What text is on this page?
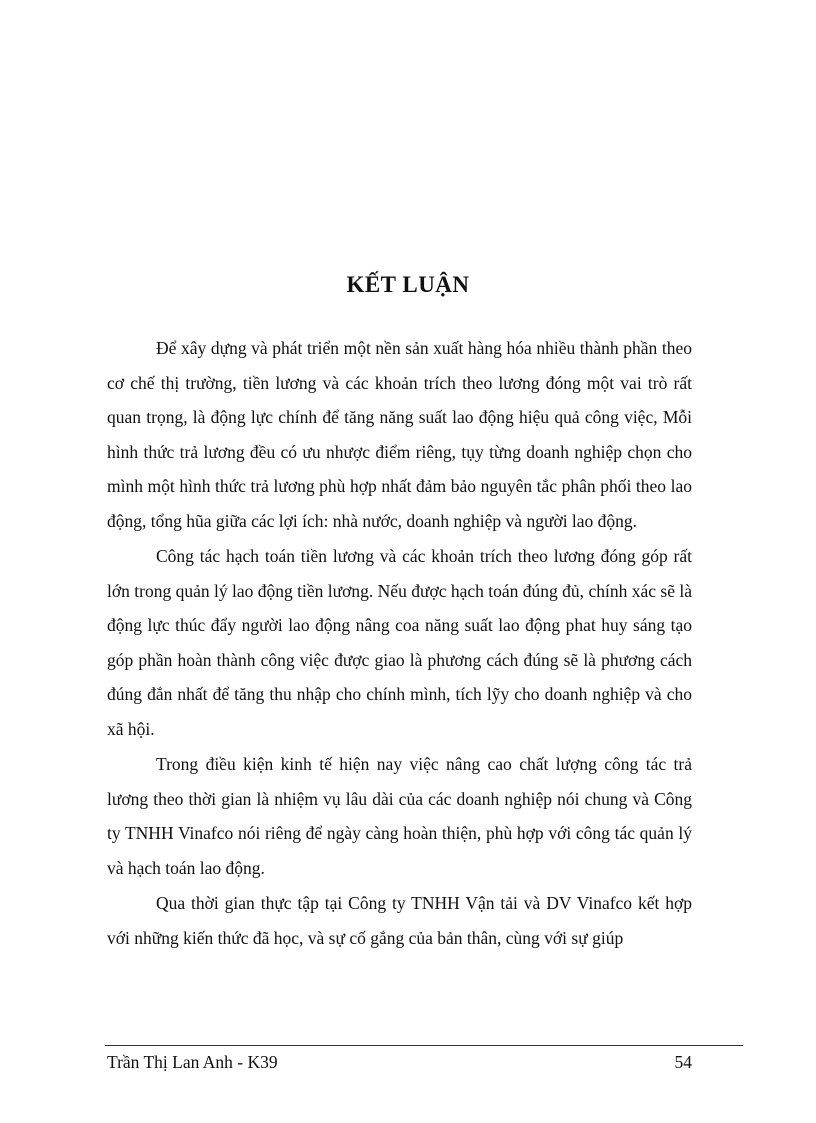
KẾT LUẬN

Để xây dựng và phát triển một nền sản xuất hàng hóa nhiều thành phần theo cơ chế thị trường, tiền lương và các khoản trích theo lương đóng một vai trò rất quan trọng, là động lực chính để tăng năng suất lao động hiệu quả công việc, Mỗi hình thức trả lương đều có ưu nhược điểm riêng, tụy từng doanh nghiệp chọn cho mình một hình thức trả lương phù hợp nhất đảm bảo nguyên tắc phân phối theo lao động, tổng hũa giữa các lợi ích: nhà nước, doanh nghiệp và người lao động.

Công tác hạch toán tiền lương và các khoản trích theo lương đóng góp rất lớn trong quản lý lao động tiền lương. Nếu được hạch toán đúng đủ, chính xác sẽ là động lực thúc đẩy người lao động nâng coa năng suất lao động phat huy sáng tạo góp phần hoàn thành công việc được giao là phương cách đúng sẽ là phương cách đúng đắn nhất để tăng thu nhập cho chính mình, tích lỹy cho doanh nghiệp và cho xã hội.

Trong điều kiện kinh tế hiện nay việc nâng cao chất lượng công tác trả lương theo thời gian là nhiệm vụ lâu dài của các doanh nghiệp nói chung và Công ty TNHH Vinafco nói riêng để ngày càng hoàn thiện, phù hợp với công tác quản lý và hạch toán lao động.

Qua thời gian thực tập tại Công ty TNHH Vận tải và DV Vinafco kết hợp với những kiến thức đã học, và sự cố gắng của bản thân, cùng với sự giúp

Trần Thị Lan Anh - K39	54
